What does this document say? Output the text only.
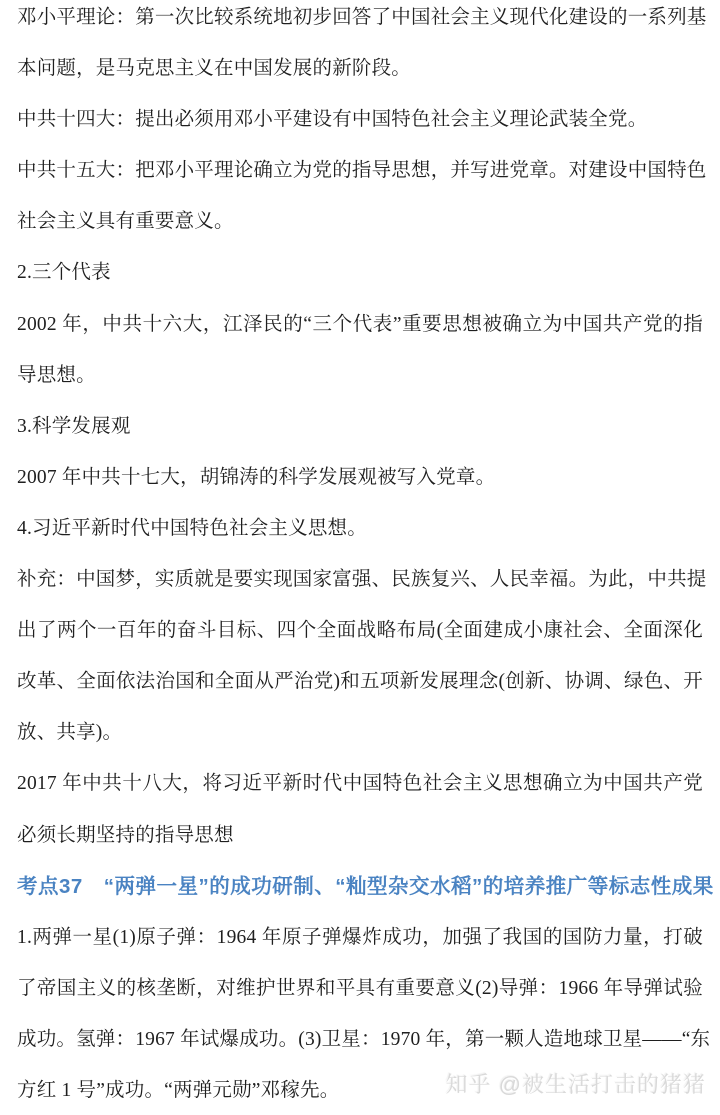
邓小平理论：第一次比较系统地初步回答了中国社会主义现代化建设的一系列基
本问题，是马克思主义在中国发展的新阶段。
中共十四大：提出必须用邓小平建设有中国特色社会主义理论武装全党。
中共十五大：把邓小平理论确立为党的指导思想，并写进党章。对建设中国特色
社会主义具有重要意义。
2.三个代表
2002 年，中共十六大，江泽民的“三个代表”重要思想被确立为中国共产党的指
导思想。
3.科学发展观
2007 年中共十七大，胡锦涛的科学发展观被写入党章。
4.习近平新时代中国特色社会主义思想。
补充：中国梦，实质就是要实现国家富强、民族复兴、人民幸福。为此，中共提
出了两个一百年的奋斗目标、四个全面战略布局(全面建成小康社会、全面深化
改革、全面依法治国和全面从严治党)和五项新发展理念(创新、协调、绿色、开
放、共享)。
2017 年中共十八大，将习近平新时代中国特色社会主义思想确立为中国共产党
必须长期坚持的指导思想
考点37　“两弹一星”的成功研制、“籼型杂交水稻”的培养推广等标志性成果
1.两弹一星(1)原子弹：1964 年原子弹爆炸成功，加强了我国的国防力量，打破
了帝国主义的核垄断，对维护世界和平具有重要意义(2)导弹：1966 年导弹试验
成功。氢弹：1967 年试爆成功。(3)卫星：1970 年，第一颗人造地球卫星——“东
方红 1 号”成功。“两弹元勋”邓稼先。	知乎 @被生活打击的猪猪
